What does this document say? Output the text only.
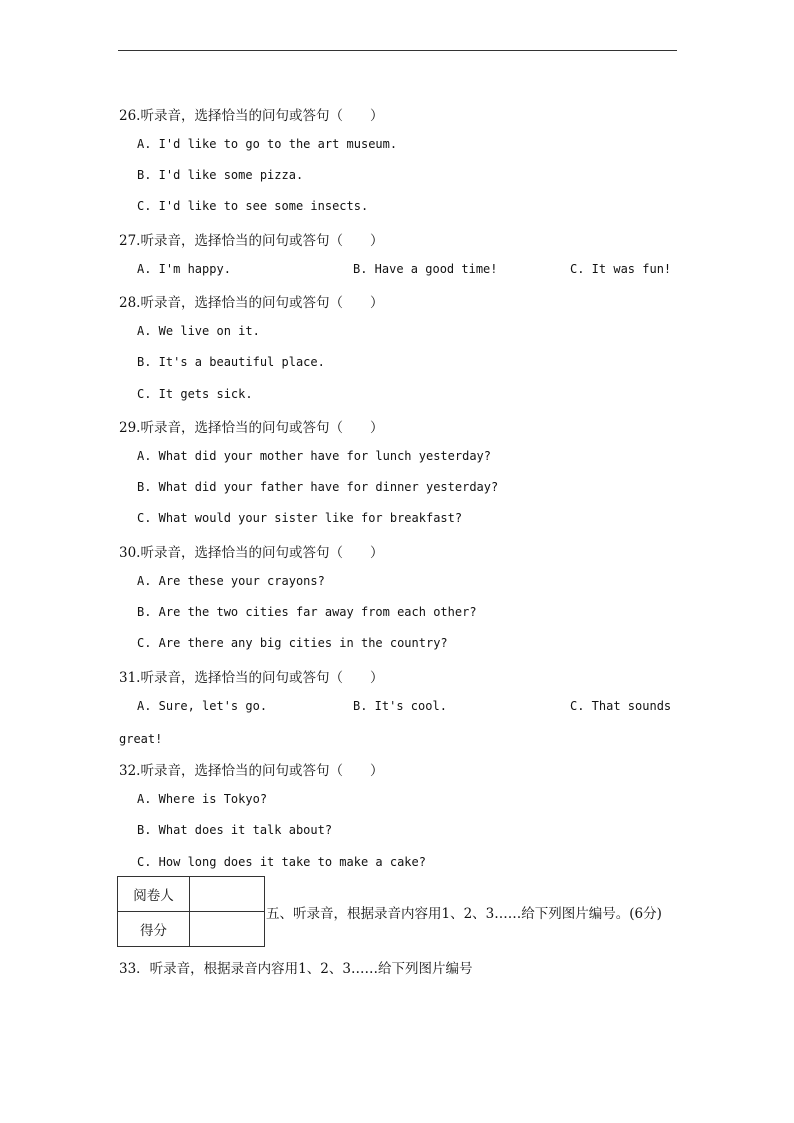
26.听录音，选择恰当的问句或答句（　　）
A. I'd like to go to the art museum.
B. I'd like some pizza.
C. I'd like to see some insects.
27.听录音，选择恰当的问句或答句（　　）
A. I'm happy.	B. Have a good time!	C. It was fun!
28.听录音，选择恰当的问句或答句（　　）
A. We live on it.
B. It's a beautiful place.
C. It gets sick.
29.听录音，选择恰当的问句或答句（　　）
A. What did your mother have for lunch yesterday?
B. What did your father have for dinner yesterday?
C. What would your sister like for breakfast?
30.听录音，选择恰当的问句或答句（　　）
A. Are these your crayons?
B. Are the two cities far away from each other?
C. Are there any big cities in the country?
31.听录音，选择恰当的问句或答句（　　）
A. Sure, let's go.	B. It's cool.	C. That sounds
great!
32.听录音，选择恰当的问句或答句（　　）
A. Where is Tokyo?
B. What does it talk about?
C. How long does it take to make a cake?
阅卷人	
得分	
五、听录音，根据录音内容用1、2、3……给下列图片编号。(6分)
33．听录音，根据录音内容用1、2、3……给下列图片编号
